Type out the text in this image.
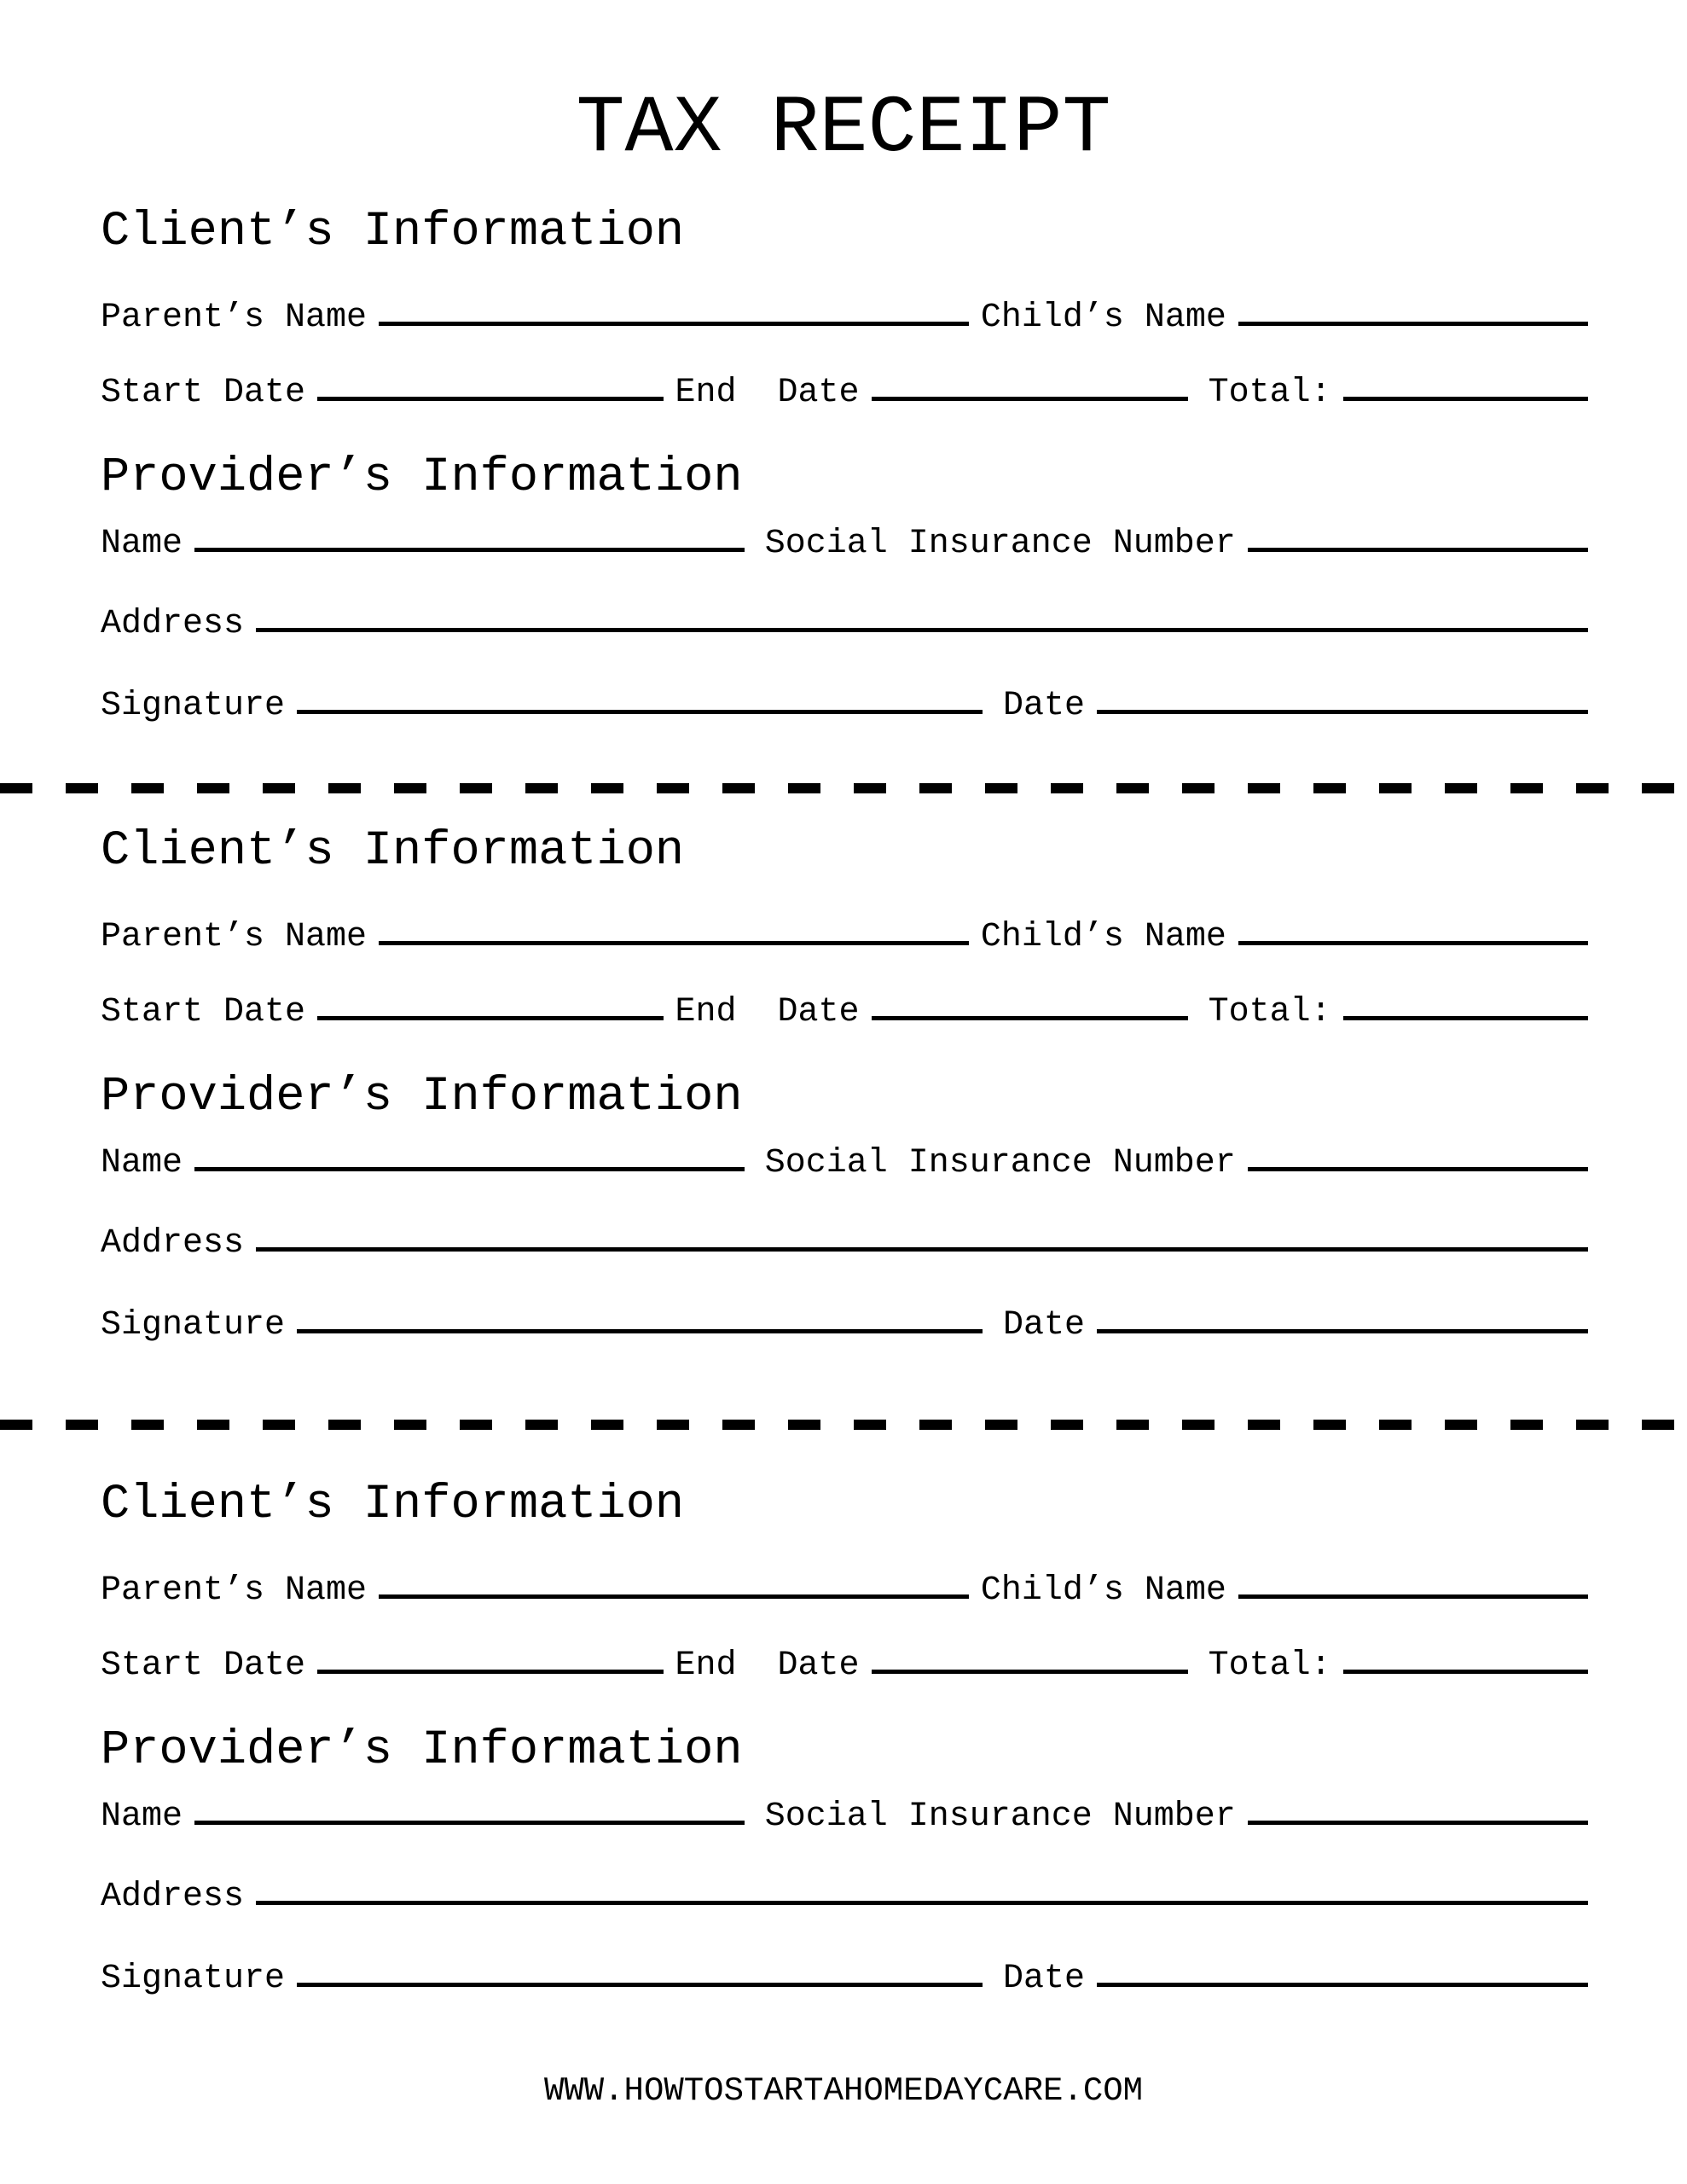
TAX RECEIPT
Client’s Information
Parent’s Name	Child’s Name
Start Date	End  Date	Total:
Provider’s Information
Name	Social Insurance Number
Address
Signature	Date
Client’s Information
Parent’s Name	Child’s Name
Start Date	End  Date	Total:
Provider’s Information
Name	Social Insurance Number
Address
Signature	Date
Client’s Information
Parent’s Name	Child’s Name
Start Date	End  Date	Total:
Provider’s Information
Name	Social Insurance Number
Address
Signature	Date
WWW.HOWTOSTARTAHOMEDAYCARE.COM
